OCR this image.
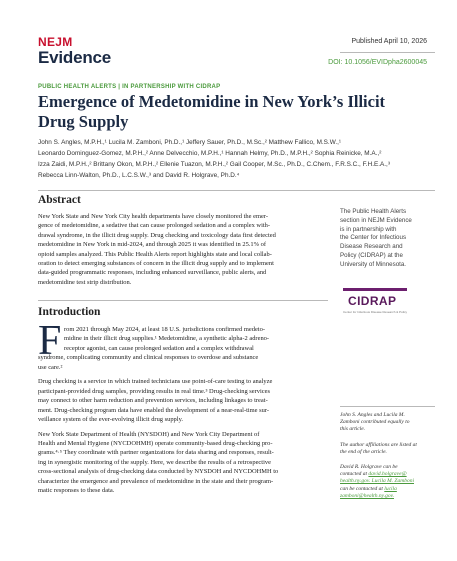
NEJM
Evidence
Published April 10, 2026
DOI: 10.1056/EVIDpha2600045
PUBLIC HEALTH ALERTS | IN PARTNERSHIP WITH CIDRAP
Emergence of Medetomidine in New York’s Illicit Drug Supply
John S. Angles, M.P.H.,¹ Lucila M. Zamboni, Ph.D.,¹ Jeffery Sauer, Ph.D., M.Sc.,² Matthew Fallico, M.S.W.,¹
Leonardo Dominguez-Gomez, M.P.H.,² Anne Delvecchio, M.P.H.,¹ Hannah Helmy, Ph.D., M.P.H.,² Sophia Reinicke, M.A.,²
Izza Zaidi, M.P.H.,² Brittany Okon, M.P.H.,² Ellenie Tuazon, M.P.H.,² Gail Cooper, M.Sc., Ph.D., C.Chem., F.R.S.C., F.H.E.A.,³
Rebecca Linn-Walton, Ph.D., L.C.S.W.,³ and David R. Holgrave, Ph.D.⁴
Abstract
New York State and New York City health departments have closely monitored the emer-
gence of medetomidine, a sedative that can cause prolonged sedation and a complex with-
drawal syndrome, in the illicit drug supply. Drug checking and toxicology data first detected
medetomidine in New York in mid-2024, and through 2025 it was identified in 25.1% of
opioid samples analyzed. This Public Health Alerts report highlights state and local collab-
oration to detect emerging substances of concern in the illicit drug supply and to implement
data-guided programmatic responses, including enhanced surveillance, public alerts, and
medetomidine test strip distribution.
The Public Health Alerts
section in NEJM Evidence
is in partnership with
the Center for Infectious
Disease Research and
Policy (CIDRAP) at the
University of Minnesota.
CIDRAP
Center for Infectious Disease Research & Policy
Introduction
F rom 2021 through May 2024, at least 18 U.S. jurisdictions confirmed medeto-
midine in their illicit drug supplies.¹ Medetomidine, a synthetic alpha-2 adreno-
receptor agonist, can cause prolonged sedation and a complex withdrawal
syndrome, complicating community and clinical responses to overdose and substance
use care.²
Drug checking is a service in which trained technicians use point-of-care testing to analyze
participant-provided drug samples, providing results in real time.³ Drug-checking services
may connect to other harm reduction and prevention services, including linkages to treat-
ment. Drug-checking program data have enabled the development of a near-real-time sur-
veillance system of the ever-evolving illicit drug supply.
New York State Department of Health (NYSDOH) and New York City Department of
Health and Mental Hygiene (NYCDOHMH) operate community-based drug-checking pro-
grams.⁴·⁵ They coordinate with partner organizations for data sharing and responses, result-
ing in synergistic monitoring of the supply. Here, we describe the results of a retrospective
cross-sectional analysis of drug-checking data conducted by NYSDOH and NYCDOHMH to
characterize the emergence and prevalence of medetomidine in the state and their program-
matic responses to these data.
John S. Angles and Lucila M.
Zamboni contributed equally to
this article.
The author affiliations are listed at
the end of the article.
David R. Holgrave can be
contacted at david.holgrave@
health.ny.gov. Lucila M. Zamboni
can be contacted at lucila
zamboni@health.ny.gov.
